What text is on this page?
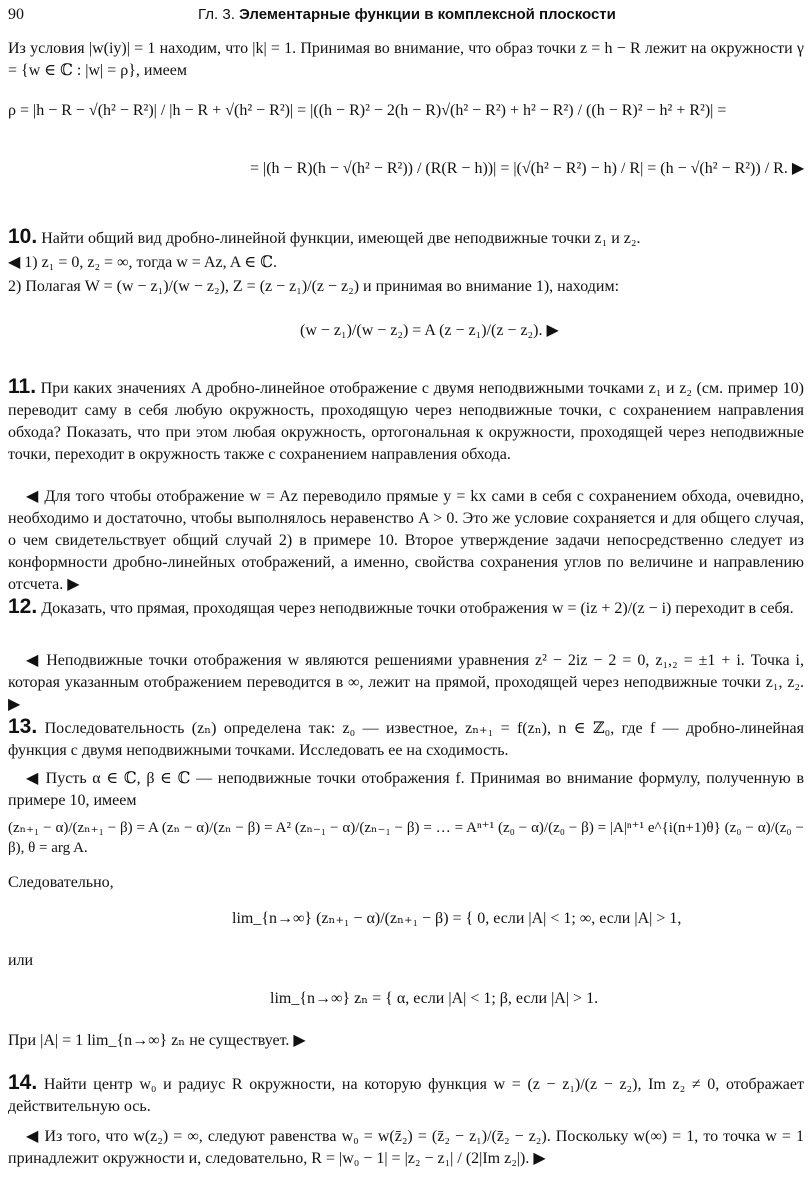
90	Гл. 3. Элементарные функции в комплексной плоскости
Из условия |w(iy)| = 1 находим, что |k| = 1. Принимая во внимание, что образ точки z = h − R лежит на окружности γ = {w ∈ ℂ : |w| = ρ}, имеем
ρ = |h − R − √(h² − R²)| / |h − R + √(h² − R²)| = |((h − R)² − 2(h − R)√(h² − R²) + h² − R²) / ((h − R)² − h² + R²)| =
= |(h − R)(h − √(h² − R²)) / (R(R − h))| = |(√(h² − R²) − h) / R| = (h − √(h² − R²)) / R. ▶
10. Найти общий вид дробно-линейной функции, имеющей две неподвижные точки z₁ и z₂.
◀ 1) z₁ = 0, z₂ = ∞, тогда w = Az, A ∈ ℂ.
2) Полагая W = (w − z₁)/(w − z₂), Z = (z − z₁)/(z − z₂) и принимая во внимание 1), находим:
(w − z₁)/(w − z₂) = A (z − z₁)/(z − z₂). ▶
11. При каких значениях A дробно-линейное отображение с двумя неподвижными точками z₁ и z₂ (см. пример 10) переводит саму в себя любую окружность, проходящую через неподвижные точки, с сохранением направления обхода? Показать, что при этом любая окружность, ортогональная к окружности, проходящей через неподвижные точки, переходит в окружность также с сохранением направления обхода.
◀ Для того чтобы отображение w = Az переводило прямые y = kx сами в себя с сохранением обхода, очевидно, необходимо и достаточно, чтобы выполнялось неравенство A > 0. Это же условие сохраняется и для общего случая, о чем свидетельствует общий случай 2) в примере 10. Второе утверждение задачи непосредственно следует из конформности дробно-линейных отображений, а именно, свойства сохранения углов по величине и направлению отсчета. ▶
12. Доказать, что прямая, проходящая через неподвижные точки отображения w = (iz + 2)/(z − i) переходит в себя.
◀ Неподвижные точки отображения w являются решениями уравнения z² − 2iz − 2 = 0, z₁,₂ = ±1 + i. Точка i, которая указанным отображением переводится в ∞, лежит на прямой, проходящей через неподвижные точки z₁, z₂. ▶
13. Последовательность (zₙ) определена так: z₀ — известное, zₙ₊₁ = f(zₙ), n ∈ ℤ₀, где f — дробно-линейная функция с двумя неподвижными точками. Исследовать ее на сходимость.
◀ Пусть α ∈ ℂ, β ∈ ℂ — неподвижные точки отображения f. Принимая во внимание формулу, полученную в примере 10, имеем
(zₙ₊₁ − α)/(zₙ₊₁ − β) = A (zₙ − α)/(zₙ − β) = A² (zₙ₋₁ − α)/(zₙ₋₁ − β) = … = Aⁿ⁺¹ (z₀ − α)/(z₀ − β) = |A|ⁿ⁺¹ e^{i(n+1)θ} (z₀ − α)/(z₀ − β), θ = arg A.
Следовательно,
lim_{n→∞} (zₙ₊₁ − α)/(zₙ₊₁ − β) = { 0, если |A| < 1; ∞, если |A| > 1,
или
lim_{n→∞} zₙ = { α, если |A| < 1; β, если |A| > 1.
При |A| = 1 lim_{n→∞} zₙ не существует. ▶
14. Найти центр w₀ и радиус R окружности, на которую функция w = (z − z₁)/(z − z₂), Im z₂ ≠ 0, отображает действительную ось.
◀ Из того, что w(z₂) = ∞, следуют равенства w₀ = w(z̄₂) = (z̄₂ − z₁)/(z̄₂ − z₂). Поскольку w(∞) = 1, то точка w = 1 принадлежит окружности и, следовательно, R = |w₀ − 1| = |z₂ − z₁| / (2|Im z₂|). ▶
